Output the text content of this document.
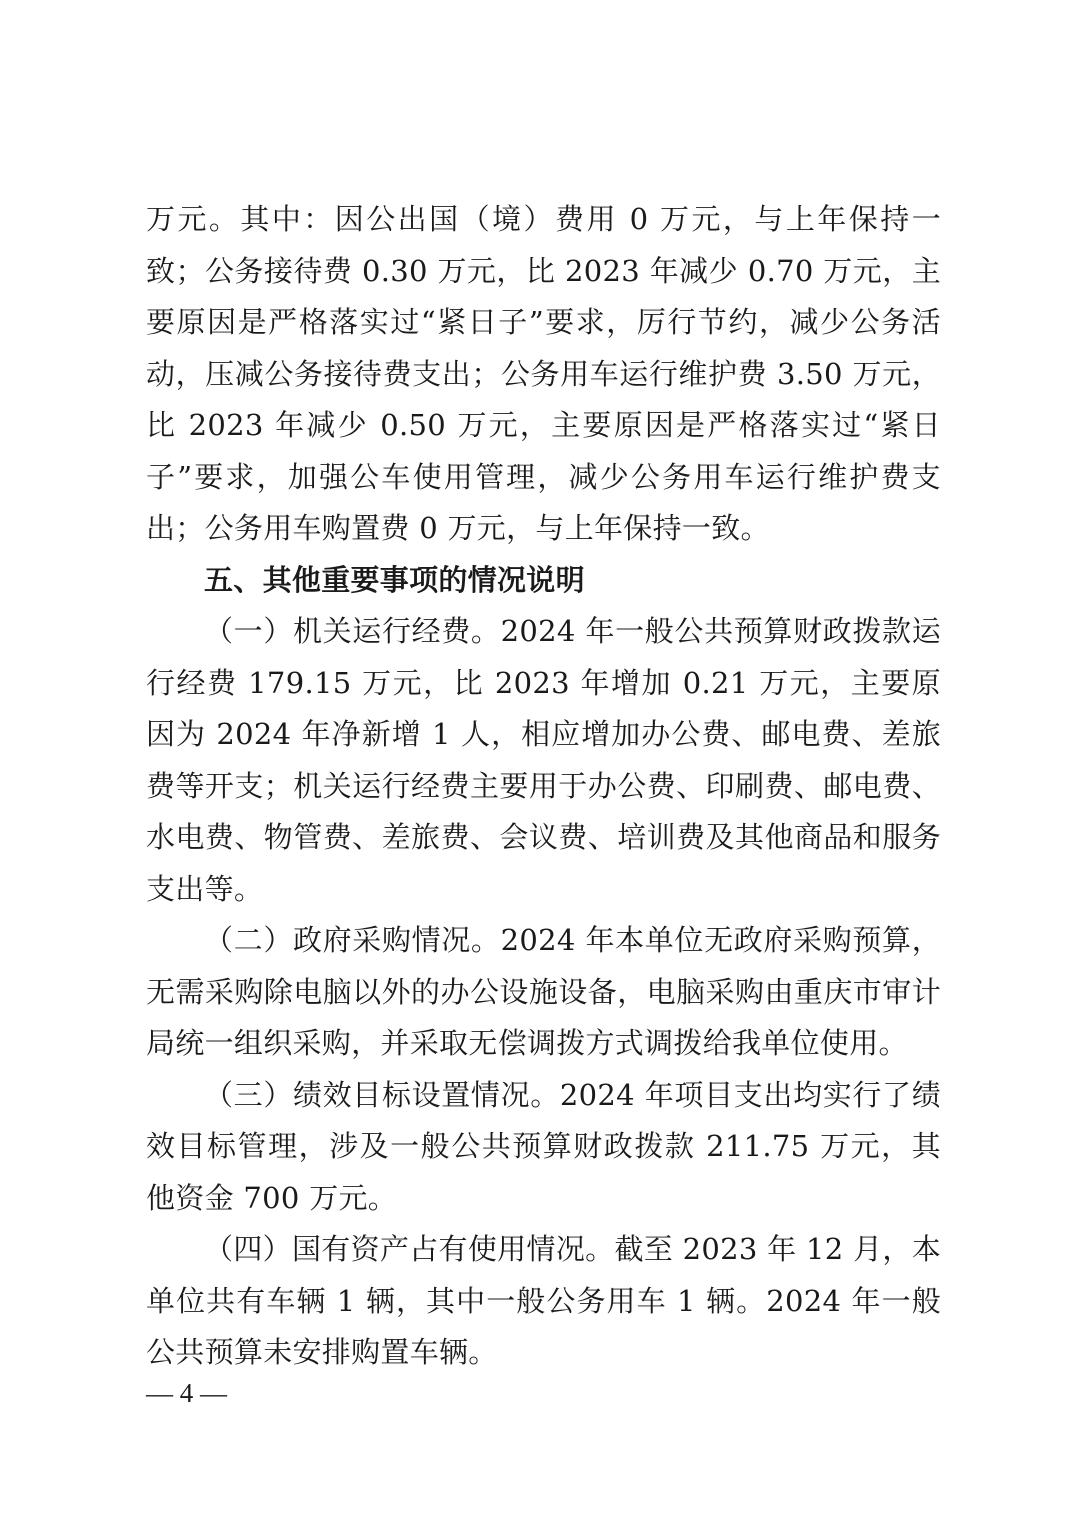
万元。其中：因公出国（境）费用 0 万元，与上年保持一致；公务接待费 0.30 万元，比 2023 年减少 0.70 万元，主要原因是严格落实过“紧日子”要求，厉行节约，减少公务活动，压减公务接待费支出；公务用车运行维护费 3.50 万元，比 2023 年减少 0.50 万元，主要原因是严格落实过“紧日子”要求，加强公车使用管理，减少公务用车运行维护费支出；公务用车购置费 0 万元，与上年保持一致。

五、其他重要事项的情况说明

（一）机关运行经费。2024 年一般公共预算财政拨款运行经费 179.15 万元，比 2023 年增加 0.21 万元，主要原因为 2024 年净新增 1 人，相应增加办公费、邮电费、差旅费等开支；机关运行经费主要用于办公费、印刷费、邮电费、水电费、物管费、差旅费、会议费、培训费及其他商品和服务支出等。

（二）政府采购情况。2024 年本单位无政府采购预算，无需采购除电脑以外的办公设施设备，电脑采购由重庆市审计局统一组织采购，并采取无偿调拨方式调拨给我单位使用。

（三）绩效目标设置情况。2024 年项目支出均实行了绩效目标管理，涉及一般公共预算财政拨款 211.75 万元，其他资金 700 万元。

（四）国有资产占有使用情况。截至 2023 年 12 月，本单位共有车辆 1 辆，其中一般公务用车 1 辆。2024 年一般公共预算未安排购置车辆。

— 4 —
